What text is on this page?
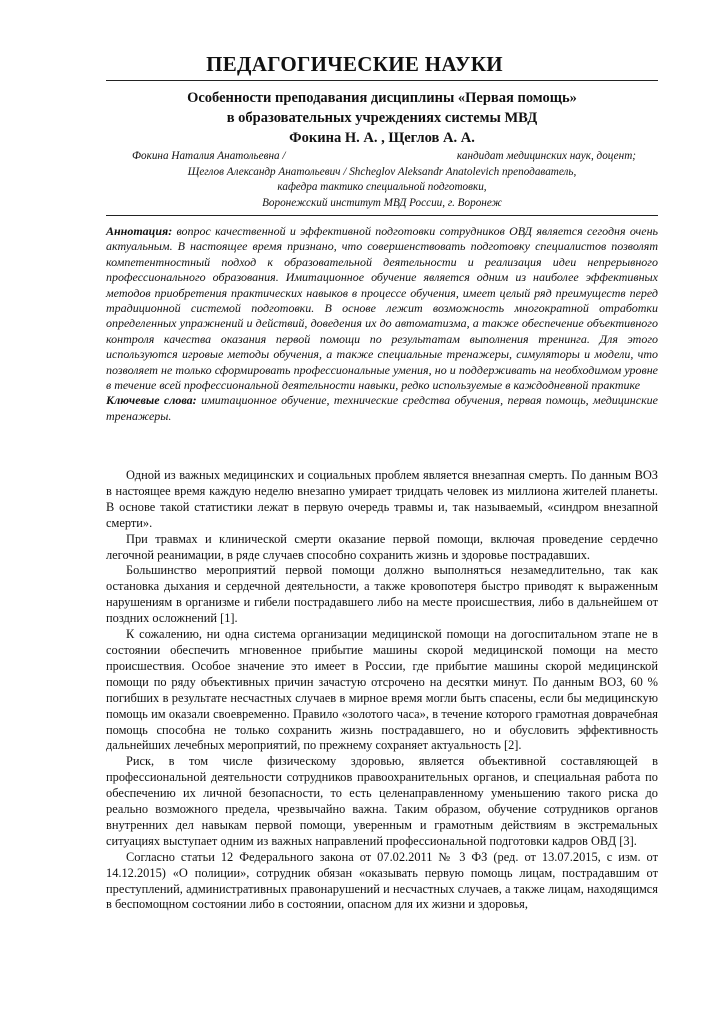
ПЕДАГОГИЧЕСКИЕ НАУКИ
Особенности преподавания дисциплины «Первая помощь»
в образовательных учреждениях системы МВД
Фокина Н. А. , Щеглов А. А.
Фокина Наталия Анатольевна /	кандидат медицинских наук, доцент;
Щеглов Александр Анатольевич / Shcheglov Aleksandr Anatolevich преподаватель,
кафедра тактико специальной подготовки,
Воронежский институт МВД России, г. Воронеж

Аннотация: вопрос качественной и эффективной подготовки сотрудников ОВД является сегодня очень актуальным. В настоящее время признано, что совершенствовать подготовку специалистов позволят компетентностный подход к образовательной деятельности и реализация идеи непрерывного профессионального образования. Имитационное обучение является одним из наиболее эффективных методов приобретения практических навыков в процессе обучения, имеет целый ряд преимуществ перед традиционной системой подготовки. В основе лежит возможность многократной отработки определенных упражнений и действий, доведения их до автоматизма, а также обеспечение объективного контроля качества оказания первой помощи по результатам выполнения тренинга. Для этого используются игровые методы обучения, а также специальные тренажеры, симуляторы и модели, что позволяет не только сформировать профессиональные умения, но и поддерживать на необходимом уровне в течение всей профессиональной деятельности навыки, редко используемые в каждодневной практике
Ключевые слова: имитационное обучение, технические средства обучения, первая помощь, медицинские тренажеры.

Одной из важных медицинских и социальных проблем является внезапная смерть. По данным ВОЗ в настоящее время каждую неделю внезапно умирает тридцать человек из миллиона жителей планеты. В основе такой статистики лежат в первую очередь травмы и, так называемый, «синдром внезапной смерти».

При травмах и клинической смерти оказание первой помощи, включая проведение сердечно легочной реанимации, в ряде случаев способно сохранить жизнь и здоровье пострадавших.

Большинство мероприятий первой помощи должно выполняться незамедлительно, так как остановка дыхания и сердечной деятельности, а также кровопотеря быстро приводят к выраженным нарушениям в организме и гибели пострадавшего либо на месте происшествия, либо в дальнейшем от поздних осложнений [1].

К сожалению, ни одна система организации медицинской помощи на догоспитальном этапе не в состоянии обеспечить мгновенное прибытие машины скорой медицинской помощи на место происшествия. Особое значение это имеет в России, где прибытие машины скорой медицинской помощи по ряду объективных причин зачастую отсрочено на десятки минут. По данным ВОЗ, 60 % погибших в результате несчастных случаев в мирное время могли быть спасены, если бы медицинскую помощь им оказали своевременно. Правило «золотого часа», в течение которого грамотная доврачебная помощь способна не только сохранить жизнь пострадавшего, но и обусловить эффективность дальнейших лечебных мероприятий, по прежнему сохраняет актуальность [2].

Риск, в том числе физическому здоровью, является объективной составляющей в профессиональной деятельности сотрудников правоохранительных органов, и специальная работа по обеспечению их личной безопасности, то есть целенаправленному уменьшению такого риска до реально возможного предела, чрезвычайно важна. Таким образом, обучение сотрудников органов внутренних дел навыкам первой помощи, уверенным и грамотным действиям в экстремальных ситуациях выступает одним из важных направлений профессиональной подготовки кадров ОВД [3].

Согласно статьи 12 Федерального закона от 07.02.2011 № 3 ФЗ (ред. от 13.07.2015, с изм. от 14.12.2015) «О полиции», сотрудник обязан «оказывать первую помощь лицам, пострадавшим от преступлений, административных правонарушений и несчастных случаев, а также лицам, находящимся в беспомощном состоянии либо в состоянии, опасном для их жизни и здоровья,
